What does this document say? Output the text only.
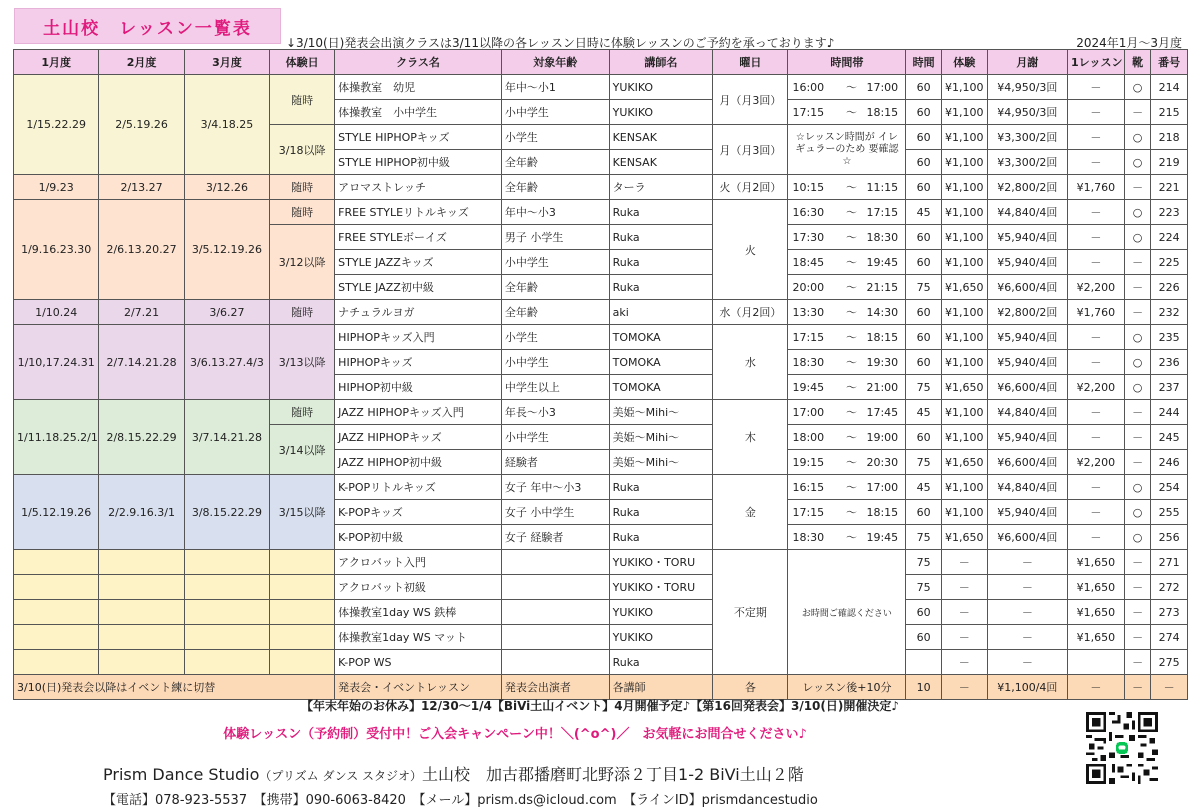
土山校　レッスン一覧表
↓3/10(日)発表会出演クラスは3/11以降の各レッスン日時に体験レッスンのご予約を承っております♪	2024年1月～3月度
1月度	2月度	3月度	体験日	クラス名	対象年齢	講師名	曜日	時間帯	時間	体験	月謝	1レッスン	靴	番号
1/15.22.29	2/5.19.26	3/4.18.25	随時	体操教室　幼児	年中～小1	YUKIKO	月（月3回）	16:00 ～ 17:00	60	¥1,100	¥4,950/3回	－	○	214
				体操教室　小中学生	小中学生	YUKIKO		17:15 ～ 18:15	60	¥1,100	¥4,950/3回	－	－	215
			3/18以降	STYLE HIPHOPキッズ	小学生	KENSAK	月（月3回）	☆レッスン時間が イレギュラーのため 要確認☆	60	¥1,100	¥3,300/2回	－	○	218
				STYLE HIPHOP初中級	全年齢	KENSAK			60	¥1,100	¥3,300/2回	－	○	219
1/9.23	2/13.27	3/12.26	随時	アロマストレッチ	全年齢	ターラ	火（月2回）	10:15 ～ 11:15	60	¥1,100	¥2,800/2回	¥1,760	－	221
1/9.16.23.30	2/6.13.20.27	3/5.12.19.26	随時	FREE STYLEリトルキッズ	年中～小3	Ruka	火	16:30 ～ 17:15	45	¥1,100	¥4,840/4回	－	○	223
			3/12以降	FREE STYLEボーイズ	男子 小学生	Ruka		17:30 ～ 18:30	60	¥1,100	¥5,940/4回	－	○	224
				STYLE JAZZキッズ	小中学生	Ruka		18:45 ～ 19:45	60	¥1,100	¥5,940/4回	－	－	225
				STYLE JAZZ初中級	全年齢	Ruka		20:00 ～ 21:15	75	¥1,650	¥6,600/4回	¥2,200	－	226
1/10.24	2/7.21	3/6.27	随時	ナチュラルヨガ	全年齢	aki	水（月2回）	13:30 ～ 14:30	60	¥1,100	¥2,800/2回	¥1,760	－	232
1/10,17.24.31	2/7.14.21.28	3/6.13.27.4/3	3/13以降	HIPHOPキッズ入門	小学生	TOMOKA	水	17:15 ～ 18:15	60	¥1,100	¥5,940/4回	－	○	235
				HIPHOPキッズ	小中学生	TOMOKA		18:30 ～ 19:30	60	¥1,100	¥5,940/4回	－	○	236
				HIPHOP初中級	中学生以上	TOMOKA		19:45 ～ 21:00	75	¥1,650	¥6,600/4回	¥2,200	○	237
1/11.18.25.2/1	2/8.15.22.29	3/7.14.21.28	随時	JAZZ HIPHOPキッズ入門	年長～小3	美姫～Mihi～	木	17:00 ～ 17:45	45	¥1,100	¥4,840/4回	－	－	244
			3/14以降	JAZZ HIPHOPキッズ	小中学生	美姫～Mihi～		18:00 ～ 19:00	60	¥1,100	¥5,940/4回	－	－	245
				JAZZ HIPHOP初中級	経験者	美姫～Mihi～		19:15 ～ 20:30	75	¥1,650	¥6,600/4回	¥2,200	－	246
1/5.12.19.26	2/2.9.16.3/1	3/8.15.22.29	3/15以降	K-POPリトルキッズ	女子 年中～小3	Ruka	金	16:15 ～ 17:00	45	¥1,100	¥4,840/4回	－	○	254
				K-POPキッズ	女子 小中学生	Ruka		17:15 ～ 18:15	60	¥1,100	¥5,940/4回	－	○	255
				K-POP初中級	女子 経験者	Ruka		18:30 ～ 19:45	75	¥1,650	¥6,600/4回	－	○	256
				アクロバット入門		YUKIKO・TORU	不定期	お時間ご確認ください	75	－	－	¥1,650	－	271
				アクロバット初級		YUKIKO・TORU			75	－	－	¥1,650	－	272
				体操教室1day WS 鉄棒		YUKIKO			60	－	－	¥1,650	－	273
				体操教室1day WS マット		YUKIKO			60	－	－	¥1,650	－	274
				K-POP WS		Ruka				－	－		－	275
3/10(日)発表会以降はイベント練に切替				発表会・イベントレッスン	発表会出演者	各講師	各	レッスン後+10分	10	－	¥1,100/4回	－	－	－
【年末年始のお休み】12/30～1/4【BiVi土山イベント】4月開催予定♪【第16回発表会】3/10(日)開催決定♪
体験レッスン（予約制）受付中！ご入会キャンペーン中！＼(^o^)／　お気軽にお問合せください♪
Prism Dance Studio（プリズム ダンス スタジオ）土山校　加古郡播磨町北野添２丁目1-2 BiVi土山２階
【電話】078-923-5537　【携帯】090-6063-8420　【メール】prism.ds@icloud.com　【ラインID】prismdancestudio
